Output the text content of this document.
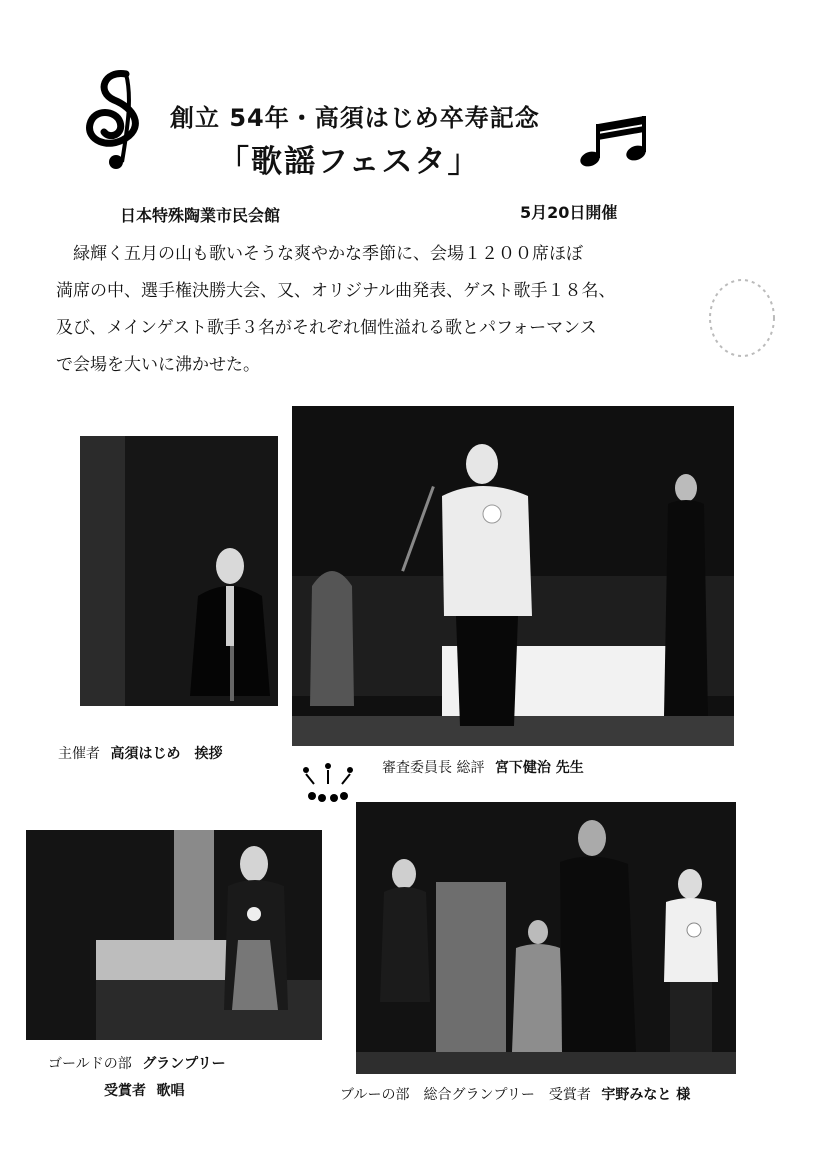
創立 54年・高須はじめ卒寿記念
「歌謡フェスタ」
日本特殊陶業市民会館	5月20日開催

緑輝く五月の山も歌いそうな爽やかな季節に、会場１２００席ほぼ

満席の中、選手権決勝大会、又、オリジナル曲発表、ゲスト歌手１８名、

及び、メインゲスト歌手３名がそれぞれ個性溢れる歌とパフォーマンス

で会場を大いに沸かせた。

主催者 高須はじめ　挨拶
審査委員長 総評 宮下健治 先生
ゴールドの部 グランプリー
受賞者 歌唱	ブルーの部　総合グランプリー　受賞者 宇野みなと 様
